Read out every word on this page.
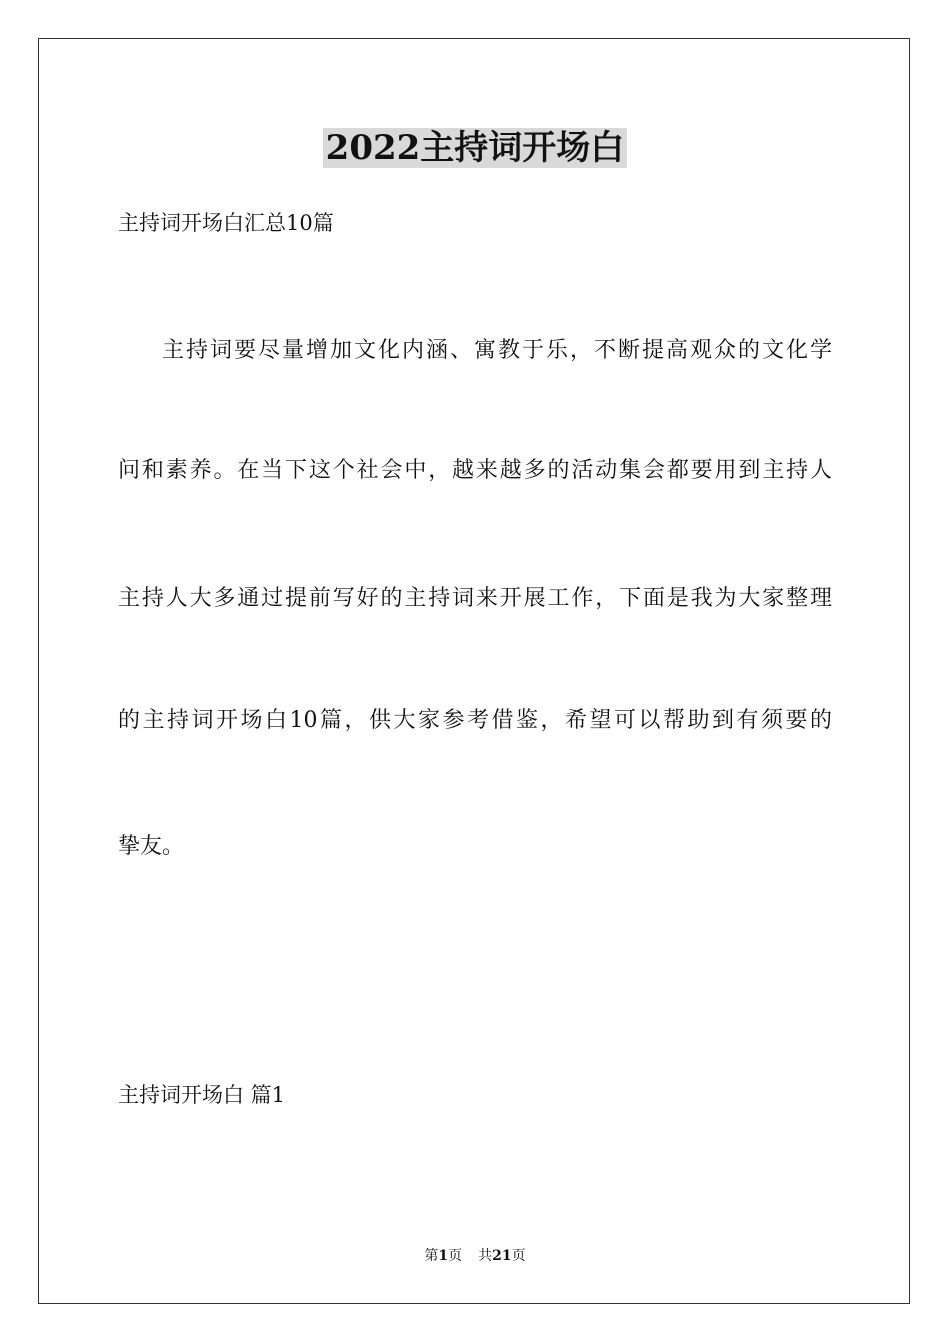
2022主持词开场白
主持词开场白汇总10篇
主持词要尽量增加文化内涵、寓教于乐，不断提高观众的文化学
问和素养。在当下这个社会中，越来越多的活动集会都要用到主持人
主持人大多通过提前写好的主持词来开展工作，下面是我为大家整理
的主持词开场白10篇，供大家参考借鉴，希望可以帮助到有须要的
挚友。
主持词开场白 篇1
第1页 共21页
